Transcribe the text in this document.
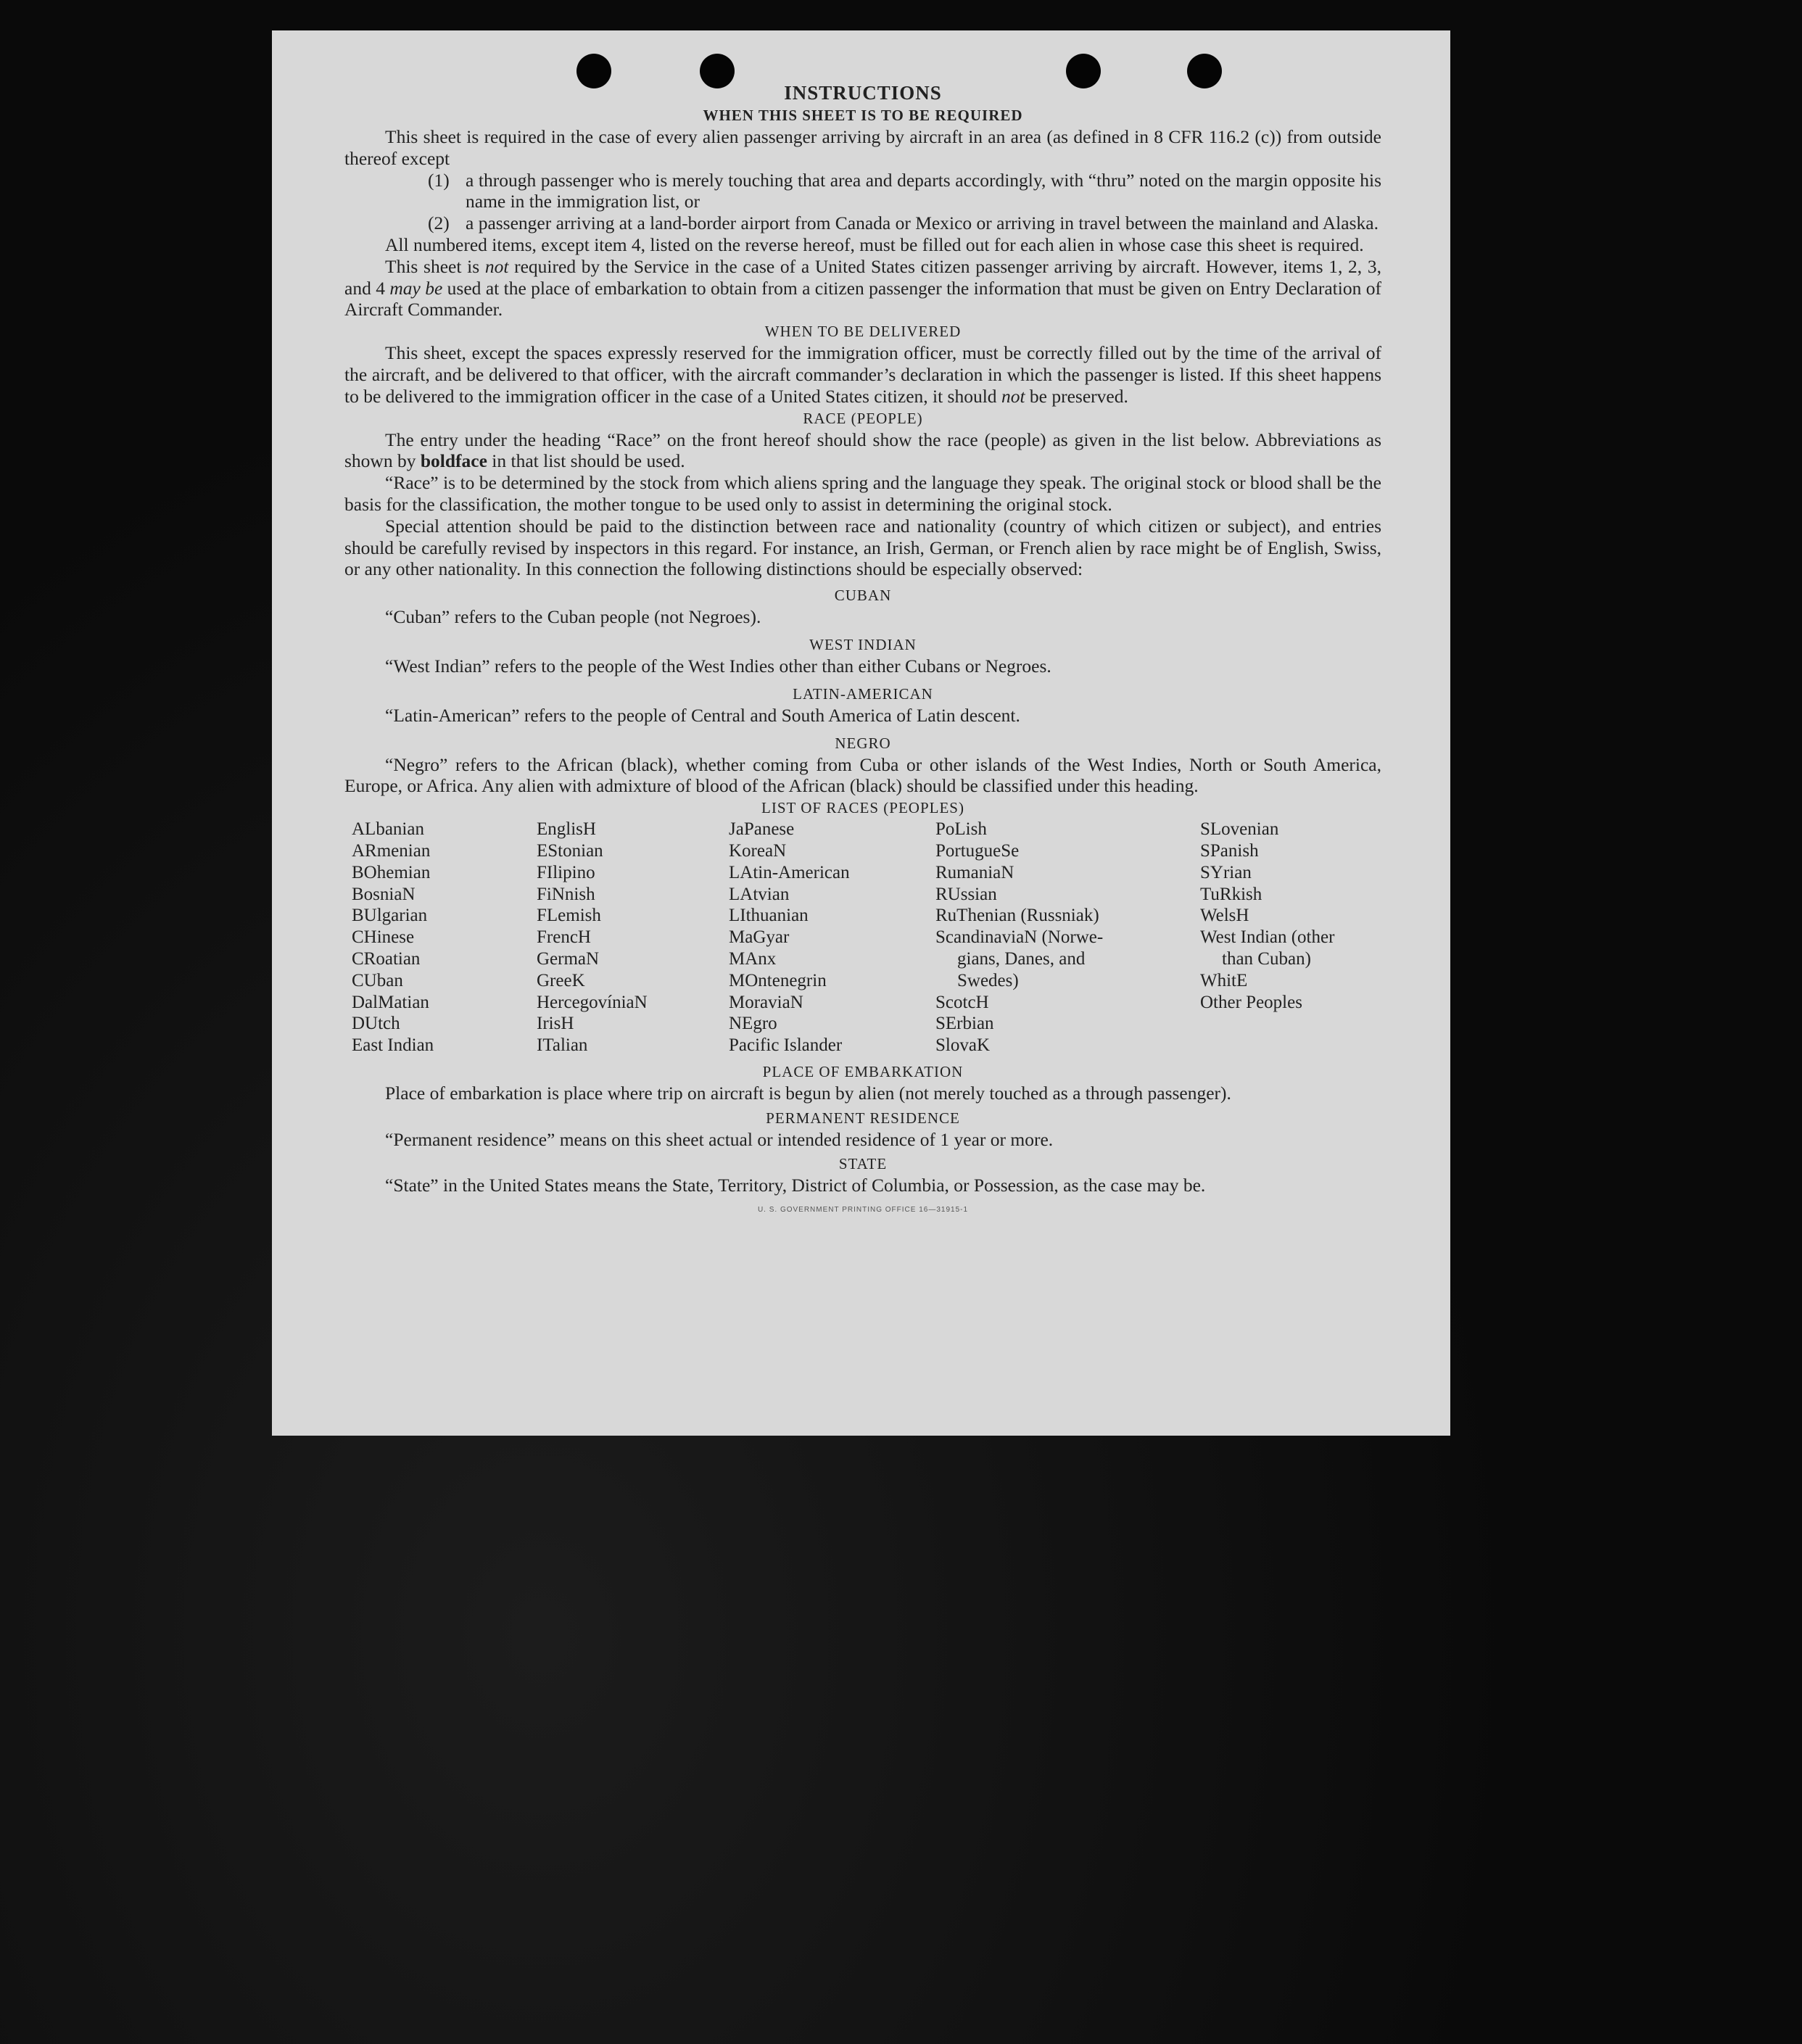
INSTRUCTIONS

WHEN THIS SHEET IS TO BE REQUIRED

This sheet is required in the case of every alien passenger arriving by aircraft in an area (as defined in 8 CFR 116.2 (c)) from outside thereof except

(1) a through passenger who is merely touching that area and departs accordingly, with “thru” noted on the margin opposite his name in the immigration list, or
(2) a passenger arriving at a land-border airport from Canada or Mexico or arriving in travel between the mainland and Alaska.

All numbered items, except item 4, listed on the reverse hereof, must be filled out for each alien in whose case this sheet is required.

This sheet is not required by the Service in the case of a United States citizen passenger arriving by aircraft. However, items 1, 2, 3, and 4 may be used at the place of embarkation to obtain from a citizen passenger the information that must be given on Entry Declaration of Aircraft Commander.

WHEN TO BE DELIVERED

This sheet, except the spaces expressly reserved for the immigration officer, must be correctly filled out by the time of the arrival of the aircraft, and be delivered to that officer, with the aircraft commander’s declaration in which the passenger is listed. If this sheet happens to be delivered to the immigration officer in the case of a United States citizen, it should not be preserved.

RACE (PEOPLE)

The entry under the heading “Race” on the front hereof should show the race (people) as given in the list below. Abbreviations as shown by boldface in that list should be used.

“Race” is to be determined by the stock from which aliens spring and the language they speak. The original stock or blood shall be the basis for the classification, the mother tongue to be used only to assist in determining the original stock.

Special attention should be paid to the distinction between race and nationality (country of which citizen or subject), and entries should be carefully revised by inspectors in this regard. For instance, an Irish, German, or French alien by race might be of English, Swiss, or any other nationality. In this connection the following distinctions should be especially observed:

CUBAN

“Cuban” refers to the Cuban people (not Negroes).

WEST INDIAN

“West Indian” refers to the people of the West Indies other than either Cubans or Negroes.

LATIN-AMERICAN

“Latin-American” refers to the people of Central and South America of Latin descent.

NEGRO

“Negro” refers to the African (black), whether coming from Cuba or other islands of the West Indies, North or South America, Europe, or Africa. Any alien with admixture of blood of the African (black) should be classified under this heading.

LIST OF RACES (PEOPLES)

ALbanian
ARmenian
BOhemian
BosniaN
BUlgarian
CHinese
CRoatian
CUban
DalMatian
DUtch
East Indian
EnglisH
EStonian
FIlipino
FiNnish
FLemish
FrencH
GermaN
GreeK
HercegovíniaN
IrisH
ITalian
JaPanese
KoreaN
LAtin-American
LAtvian
LIthuanian
MaGyar
MAnx
MOntenegrin
MoraviaN
NEgro
Pacific Islander
PoLish
PortugueSe
RumaniaN
RUssian
RuThenian (Russniak)
ScandinaviaN (Norwe-
gians, Danes, and
Swedes)
ScotcH
SErbian
SlovaK
SLovenian
SPanish
SYrian
TuRkish
WelsH
West Indian (other
than Cuban)
WhitE
Other Peoples

PLACE OF EMBARKATION

Place of embarkation is place where trip on aircraft is begun by alien (not merely touched as a through passenger).

PERMANENT RESIDENCE

“Permanent residence” means on this sheet actual or intended residence of 1 year or more.

STATE

“State” in the United States means the State, Territory, District of Columbia, or Possession, as the case may be.

U. S. GOVERNMENT PRINTING OFFICE 16—31915-1
